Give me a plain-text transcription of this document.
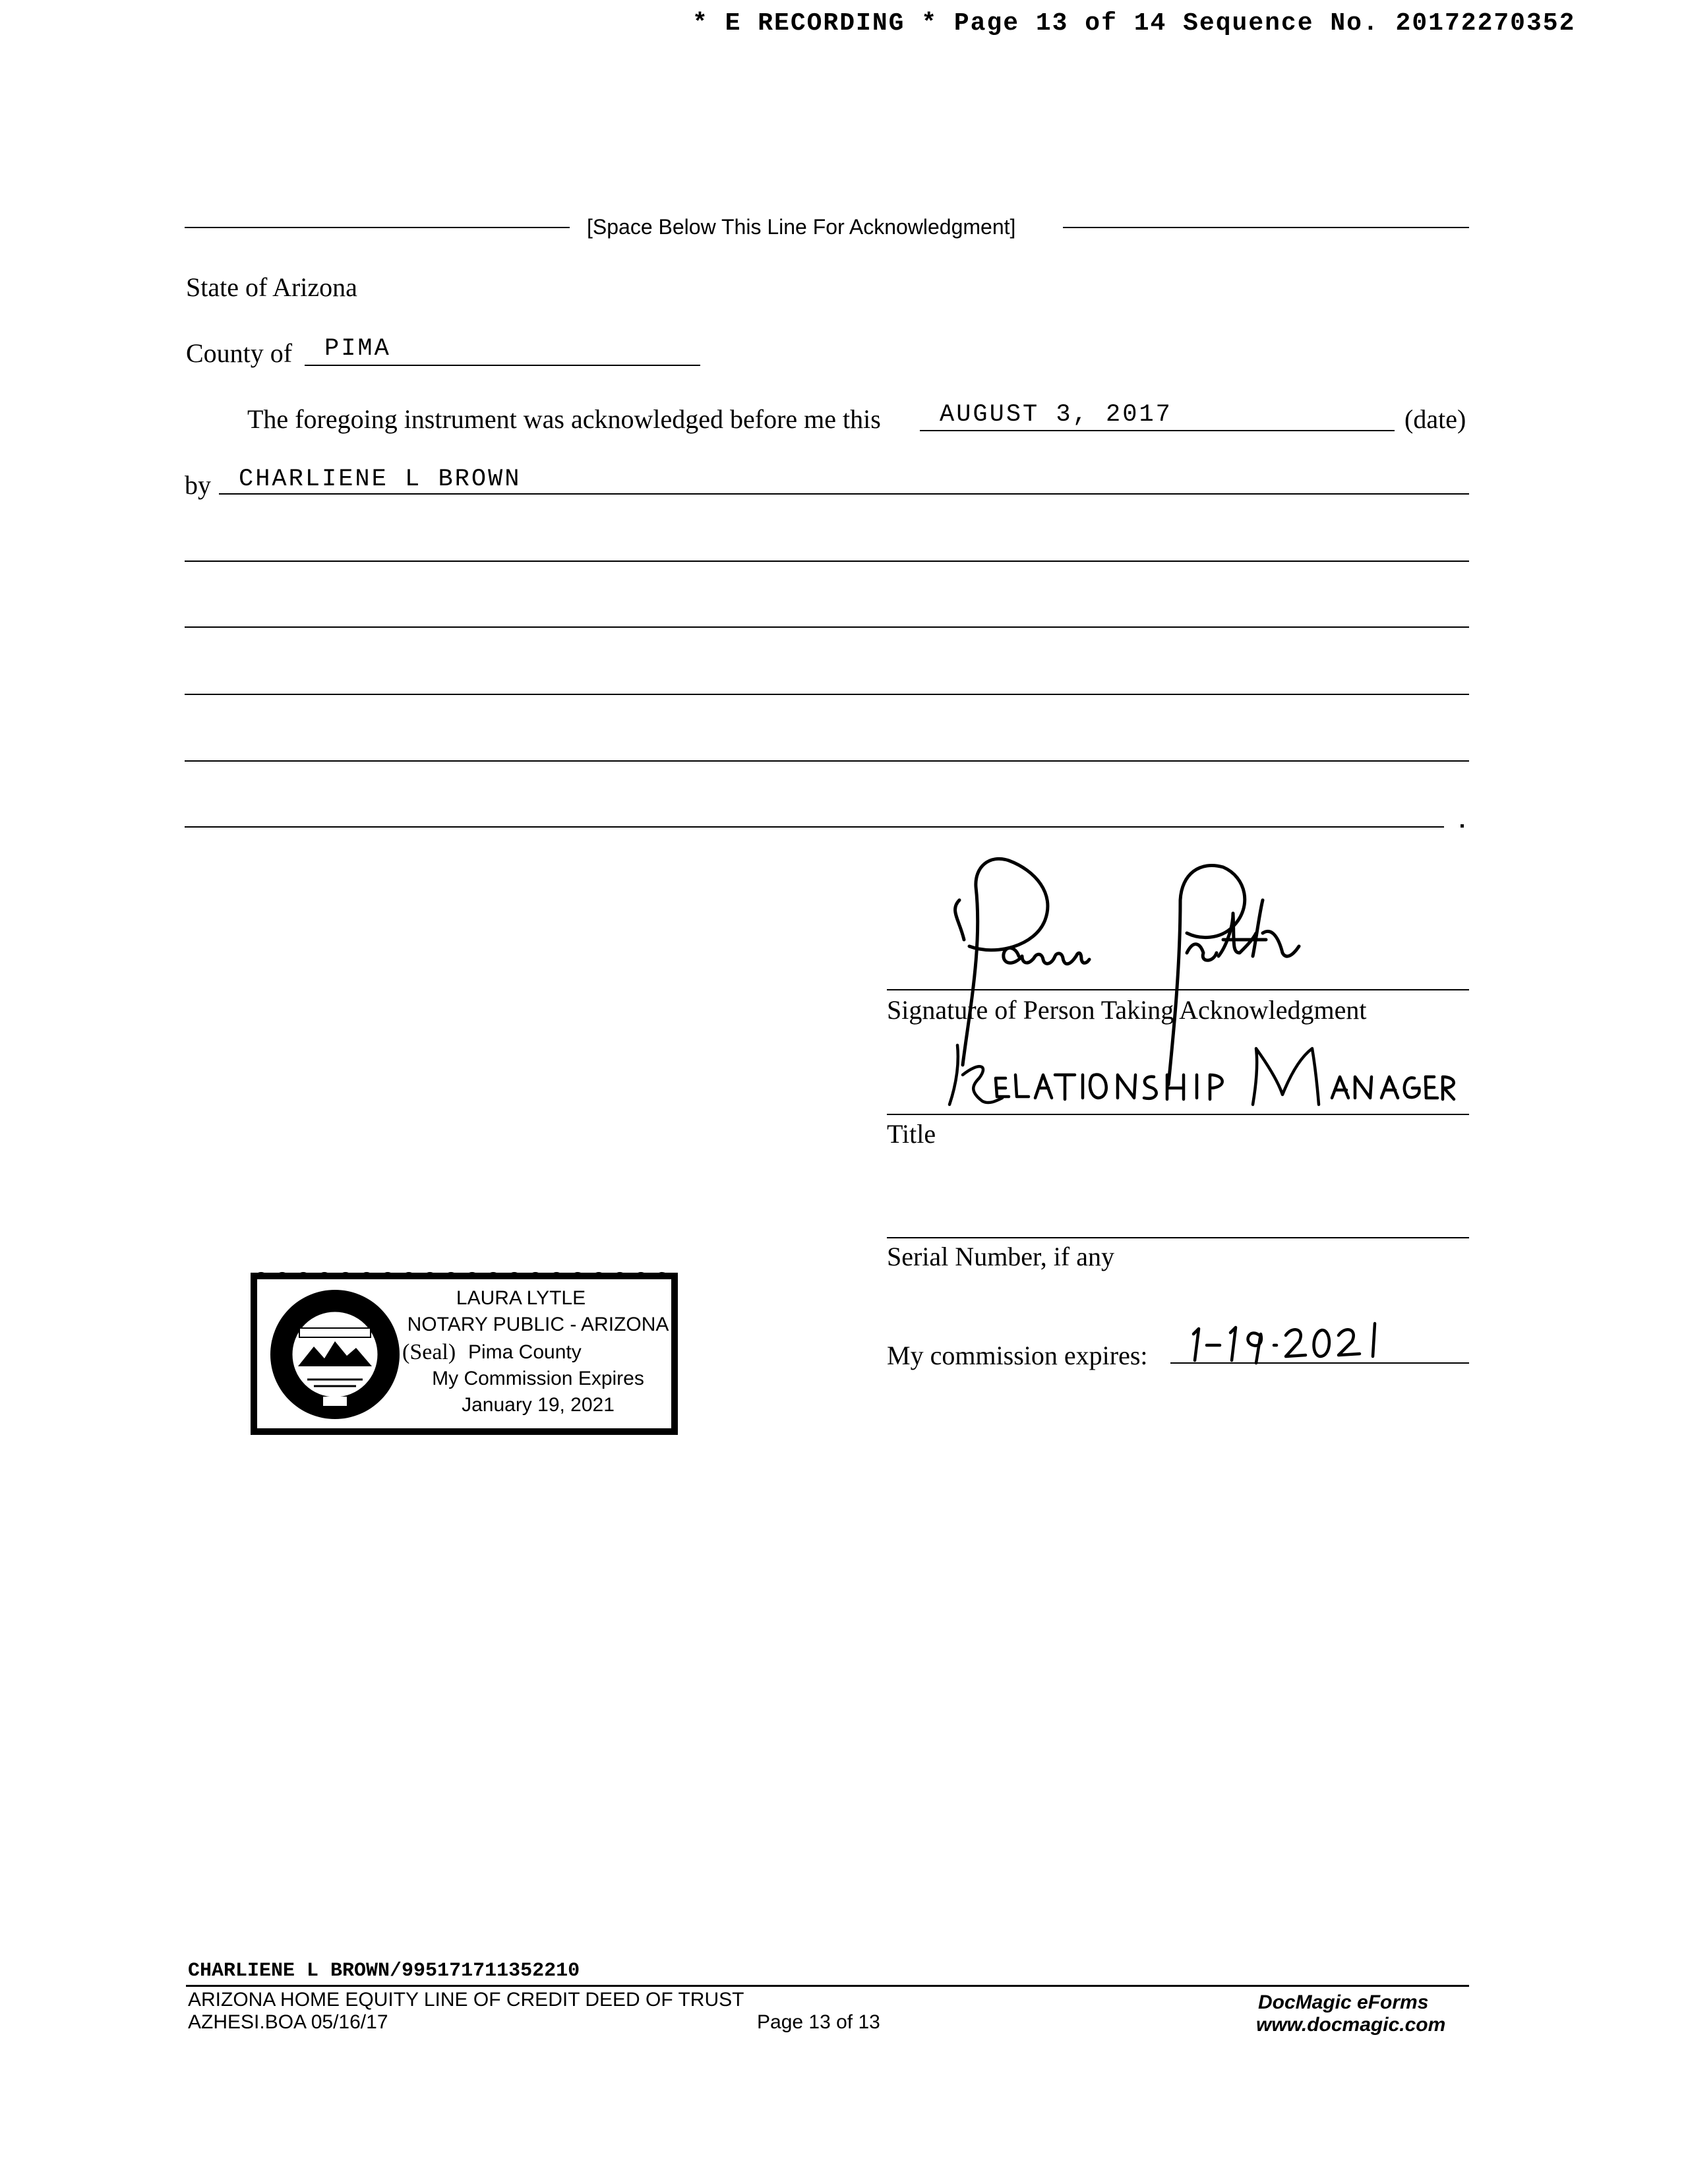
* E RECORDING * Page 13 of 14 Sequence No. 20172270352
[Space Below This Line For Acknowledgment]
State of Arizona
County of PIMA
The foregoing instrument was acknowledged before me this AUGUST 3, 2017	(date)
by CHARLIENE L BROWN
Signature of Person Taking Acknowledgment
Title
Serial Number, if any
My commission expires:
LAURA LYTLE
NOTARY PUBLIC - ARIZONA
(Seal) Pima County
My Commission Expires
January 19, 2021
CHARLIENE L BROWN/995171711352210
ARIZONA HOME EQUITY LINE OF CREDIT DEED OF TRUST
AZHESI.BOA 05/16/17	Page 13 of 13
DocMagic eForms
www.docmagic.com
